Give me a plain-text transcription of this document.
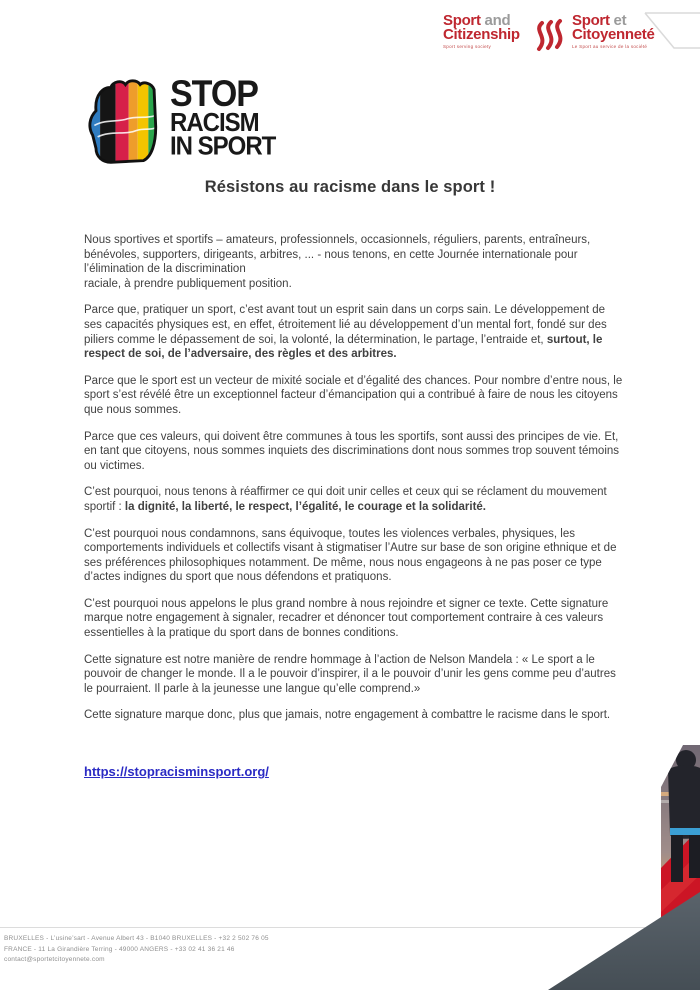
Sport and
Citizenship
Sport serving society
Sport et
Citoyenneté
Le Sport au service de la société
STOP
RACISM
IN SPORT
Résistons au racisme dans le sport !

Nous sportives et sportifs – amateurs, professionnels, occasionnels, réguliers, parents, entraîneurs, bénévoles, supporters, dirigeants, arbitres, ... - nous tenons, en cette Journée internationale pour l’élimination de la discrimination
raciale, à prendre publiquement position.

Parce que, pratiquer un sport, c’est avant tout un esprit sain dans un corps sain. Le développement de ses capacités physiques est, en effet, étroitement lié au développement d’un mental fort, fondé sur des piliers comme le dépassement de soi, la volonté, la détermination, le partage, l’entraide et, surtout, le respect de soi, de l’adversaire, des règles et des arbitres.

Parce que le sport est un vecteur de mixité sociale et d’égalité des chances. Pour nombre d’entre nous, le sport s’est révélé être un exceptionnel facteur d’émancipation qui a contribué à faire de nous les citoyens que nous sommes.

Parce que ces valeurs, qui doivent être communes à tous les sportifs, sont aussi des principes de vie. Et, en tant que citoyens, nous sommes inquiets des discriminations dont nous sommes trop souvent témoins ou victimes.

C’est pourquoi, nous tenons à réaffirmer ce qui doit unir celles et ceux qui se réclament du mouvement sportif : la dignité, la liberté, le respect, l’égalité, le courage et la solidarité.

C’est pourquoi nous condamnons, sans équivoque, toutes les violences verbales, physiques, les comportements individuels et collectifs visant à stigmatiser l’Autre sur base de son origine ethnique et de ses préférences philosophiques notamment. De même, nous nous engageons à ne pas poser ce type d’actes indignes du sport que nous défendons et pratiquons.

C’est pourquoi nous appelons le plus grand nombre à nous rejoindre et signer ce texte. Cette signature marque notre engagement à signaler, recadrer et dénoncer tout comportement contraire à ces valeurs essentielles à la pratique du sport dans de bonnes conditions.

Cette signature est notre manière de rendre hommage à l’action de Nelson Mandela : « Le sport a le pouvoir de changer le monde. Il a le pouvoir d’inspirer, il a le pouvoir d’unir les gens comme peu d’autres le pourraient. Il parle à la jeunesse une langue qu’elle comprend.»

Cette signature marque donc, plus que jamais, notre engagement à combattre le racisme dans le sport.

https://stopracisminsport.org/
BRUXELLES - L’usine’sart - Avenue Albert 43 - B1040 BRUXELLES - +32 2 502 76 05
FRANCE - 11 La Girandière Terring - 49000 ANGERS - +33 02 41 36 21 46
contact@sportetcitoyennete.com
